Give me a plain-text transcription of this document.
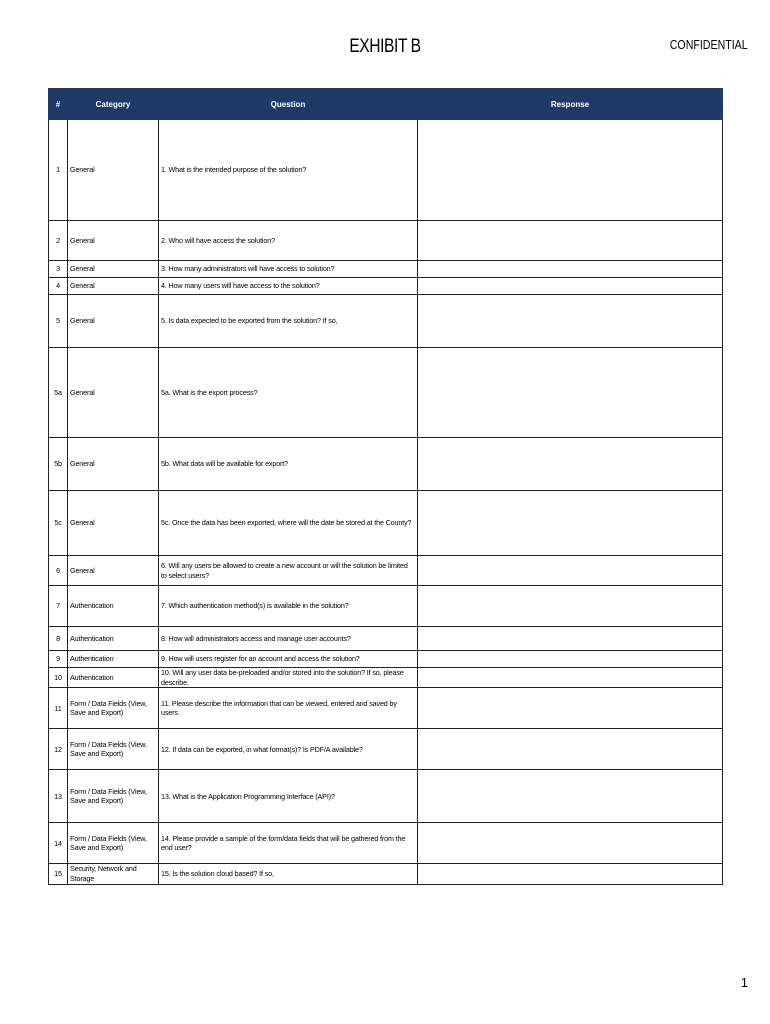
EXHIBIT B	CONFIDENTIAL
#	Category	Question	Response
1	General	1. What is the intended purpose of the solution?	
2	General	2. Who will have access the solution?	
3	General	3. How many administrators will have access to solution?	
4	General	4. How many users will have access to the solution?	
5	General	5. Is data expected to be exported from the solution? If so,	
5a	General	5a. What is the export process?	
5b	General	5b. What data will be available for export?	
5c	General	5c. Once the data has been exported, where will the date be stored at the County?	
6	General	6. Will any users be allowed to create a new account or will the solution be limited to select users?	
7	Authentication	7. Which authentication method(s) is available in the solution?	
8	Authentication	8. How will administrators access and manage user accounts?	
9	Authentication	9. How will users register for an account and access the solution?	
10	Authentication	10. Will any user data be-preloaded and/or stored into the solution? If so, please describe.	
11	Form / Data Fields (View, Save and Export)	11. Please describe the information that can be viewed, entered and saved by users.	
12	Form / Data Fields (View, Save and Export)	12. If data can be exported, in what format(s)? Is PDF/A available?	
13	Form / Data Fields (View, Save and Export)	13. What is the Application Programming Interface (API)?	
14	Form / Data Fields (View, Save and Export)	14. Please provide a sample of the form/data fields that will be gathered from the end user?	
15	Security, Network and Storage	15. Is the solution cloud based? If so,	
1
